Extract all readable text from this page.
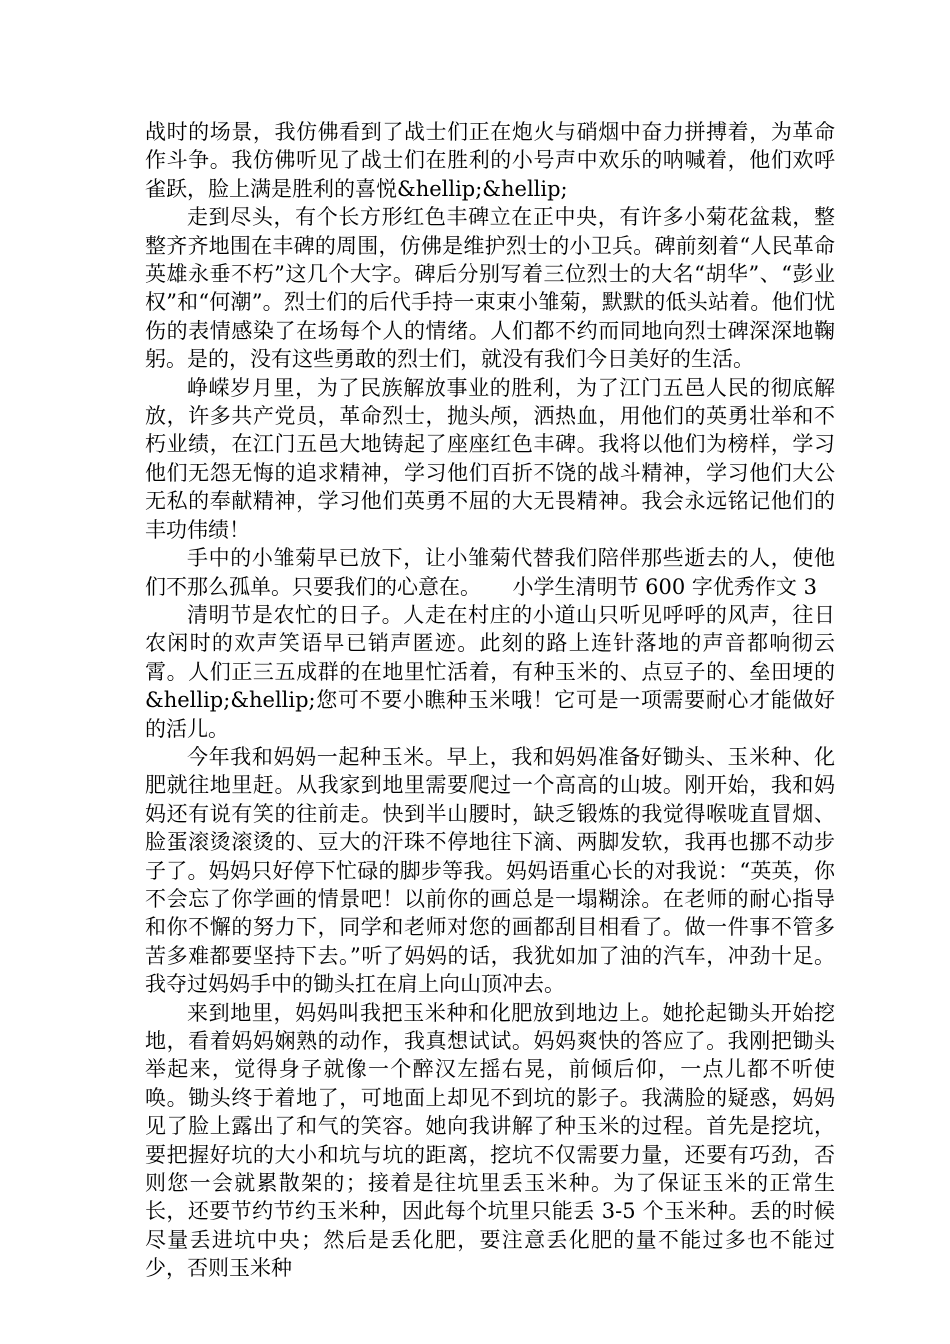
战时的场景，我仿佛看到了战士们正在炮火与硝烟中奋力拼搏着，为革命作斗争。我仿佛听见了战士们在胜利的小号声中欢乐的呐喊着，他们欢呼雀跃，脸上满是胜利的喜悦&hellip;&hellip;

走到尽头，有个长方形红色丰碑立在正中央，有许多小菊花盆栽，整整齐齐地围在丰碑的周围，仿佛是维护烈士的小卫兵。碑前刻着“人民革命英雄永垂不朽”这几个大字。碑后分别写着三位烈士的大名“胡华”、“彭业权”和“何潮”。烈士们的后代手持一束束小雏菊，默默的低头站着。他们忧伤的表情感染了在场每个人的情绪。人们都不约而同地向烈士碑深深地鞠躬。是的，没有这些勇敢的烈士们，就没有我们今日美好的生活。

峥嵘岁月里，为了民族解放事业的胜利，为了江门五邑人民的彻底解放，许多共产党员，革命烈士，抛头颅，洒热血，用他们的英勇壮举和不朽业绩，在江门五邑大地铸起了座座红色丰碑。我将以他们为榜样，学习他们无怨无悔的追求精神，学习他们百折不饶的战斗精神，学习他们大公无私的奉献精神，学习他们英勇不屈的大无畏精神。我会永远铭记他们的丰功伟绩！

手中的小雏菊早已放下，让小雏菊代替我们陪伴那些逝去的人，使他们不那么孤单。只要我们的心意在。　　小学生清明节 600 字优秀作文 3

清明节是农忙的日子。人走在村庄的小道山只听见呼呼的风声，往日农闲时的欢声笑语早已销声匿迹。此刻的路上连针落地的声音都响彻云霄。人们正三五成群的在地里忙活着，有种玉米的、点豆子的、垒田埂的&hellip;&hellip;您可不要小瞧种玉米哦！它可是一项需要耐心才能做好的活儿。

今年我和妈妈一起种玉米。早上，我和妈妈准备好锄头、玉米种、化肥就往地里赶。从我家到地里需要爬过一个高高的山坡。刚开始，我和妈妈还有说有笑的往前走。快到半山腰时，缺乏锻炼的我觉得喉咙直冒烟、脸蛋滚烫滚烫的、豆大的汗珠不停地往下滴、两脚发软，我再也挪不动步子了。妈妈只好停下忙碌的脚步等我。妈妈语重心长的对我说：“英英，你不会忘了你学画的情景吧！以前你的画总是一塌糊涂。在老师的耐心指导和你不懈的努力下，同学和老师对您的画都刮目相看了。做一件事不管多苦多难都要坚持下去。”听了妈妈的话，我犹如加了油的汽车，冲劲十足。我夺过妈妈手中的锄头扛在肩上向山顶冲去。

来到地里，妈妈叫我把玉米种和化肥放到地边上。她抡起锄头开始挖地，看着妈妈娴熟的动作，我真想试试。妈妈爽快的答应了。我刚把锄头举起来，觉得身子就像一个醉汉左摇右晃，前倾后仰，一点儿都不听使唤。锄头终于着地了，可地面上却见不到坑的影子。我满脸的疑惑，妈妈见了脸上露出了和气的笑容。她向我讲解了种玉米的过程。首先是挖坑，要把握好坑的大小和坑与坑的距离，挖坑不仅需要力量，还要有巧劲，否则您一会就累散架的；接着是往坑里丢玉米种。为了保证玉米的正常生长，还要节约节约玉米种，因此每个坑里只能丢 3-5 个玉米种。丢的时候尽量丢进坑中央；然后是丢化肥，要注意丢化肥的量不能过多也不能过少，否则玉米种
